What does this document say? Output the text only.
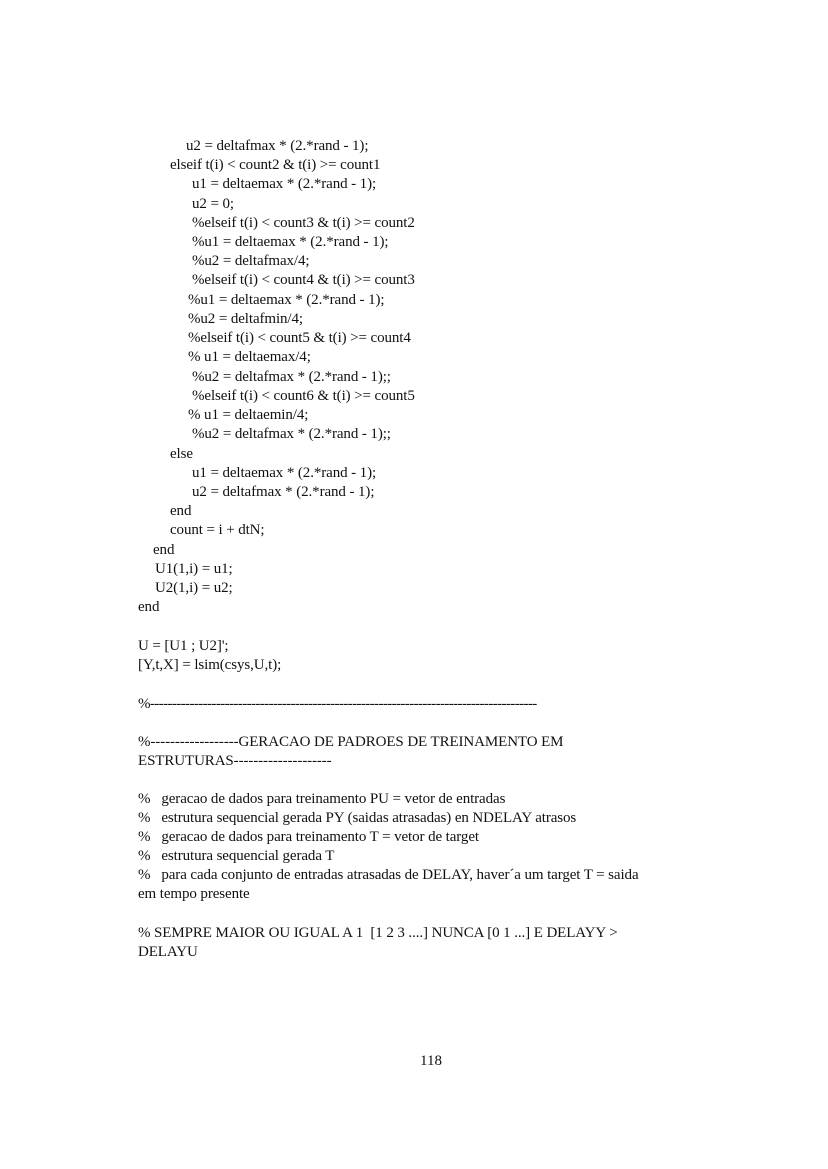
u2 = deltafmax * (2.*rand - 1);
elseif t(i) < count2 & t(i) >= count1
u1 = deltaemax * (2.*rand - 1);
u2 = 0;
%elseif t(i) < count3 & t(i) >= count2
%u1 = deltaemax * (2.*rand - 1);
%u2 = deltafmax/4;
%elseif t(i) < count4 & t(i) >= count3
%u1 = deltaemax * (2.*rand - 1);
%u2 = deltafmin/4;
%elseif t(i) < count5 & t(i) >= count4
% u1 = deltaemax/4;
%u2 = deltafmax * (2.*rand - 1);;
%elseif t(i) < count6 & t(i) >= count5
% u1 = deltaemin/4;
%u2 = deltafmax * (2.*rand - 1);;
else
u1 = deltaemax * (2.*rand - 1);
u2 = deltafmax * (2.*rand - 1);
end
count = i + dtN;
end
U1(1,i) = u1;
U2(1,i) = u2;
end
U = [U1 ; U2]';
[Y,t,X] = lsim(csys,U,t);
%----------------------------------------------------------------------------------------
%------------------GERACAO DE PADROES DE TREINAMENTO EM
ESTRUTURAS--------------------
%   geracao de dados para treinamento PU = vetor de entradas
%   estrutura sequencial gerada PY (saidas atrasadas) en NDELAY atrasos
%   geracao de dados para treinamento T = vetor de target
%   estrutura sequencial gerada T
%   para cada conjunto de entradas atrasadas de DELAY, haver´a um target T = saida
em tempo presente
% SEMPRE MAIOR OU IGUAL A 1  [1 2 3 ....] NUNCA [0 1 ...] E DELAYY >
DELAYU
118
